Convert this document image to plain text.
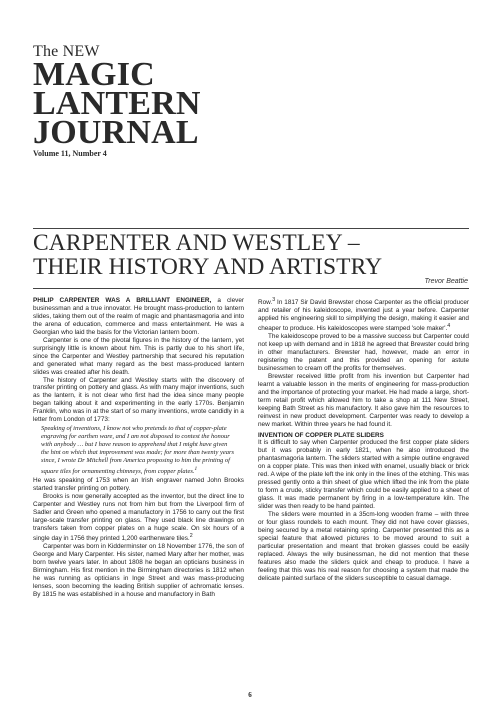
The NEW
MAGIC
LANTERN
JOURNAL
Volume 11, Number 4
CARPENTER AND WESTLEY –
THEIR HISTORY AND ARTISTRY
Trevor Beattie

PHILIP CARPENTER WAS A BRILLIANT ENGINEER, a clever businessman and a true innovator. He brought mass-production to lantern slides, taking them out of the realm of magic and phantasmagoria and into the arena of education, commerce and mass entertainment. He was a Georgian who laid the basis for the Victorian lantern boom.

Carpenter is one of the pivotal figures in the history of the lantern, yet surprisingly little is known about him. This is partly due to his short life, since the Carpenter and Westley partnership that secured his reputation and generated what many regard as the best mass-produced lantern slides was created after his death.

The history of Carpenter and Westley starts with the discovery of transfer printing on pottery and glass. As with many major inventions, such as the lantern, it is not clear who first had the idea since many people began talking about it and experimenting in the early 1770s. Benjamin Franklin, who was in at the start of so many inventions, wrote candidly in a letter from London of 1773:

Speaking of inventions, I know not who pretends to that of copper-plate engraving for earthen ware, and I am not disposed to contest the honour with anybody … but I have reason to apprehend that I might have given the hint on which that improvement was made; for more than twenty years since, I wrote Dr Mitchell from America proposing to him the printing of square tiles for ornamenting chimneys, from copper plates.$^1$

He was speaking of 1753 when an Irish engraver named John Brooks started transfer printing on pottery.

Brooks is now generally accepted as the inventor, but the direct line to Carpenter and Westley runs not from him but from the Liverpool firm of Sadler and Green who opened a manufactory in 1756 to carry out the first large-scale transfer printing on glass. They used black line drawings on transfers taken from copper plates on a huge scale. On six hours of a single day in 1756 they printed 1,200 earthenware tiles.$^2$

Carpenter was born in Kidderminster on 18 November 1776, the son of George and Mary Carpenter. His sister, named Mary after her mother, was born twelve years later. In about 1808 he began an opticians business in Birmingham. His first mention in the Birmingham directories is 1812 when he was running as opticians in Inge Street and was mass-producing lenses, soon becoming the leading British supplier of achromatic lenses. By 1815 he was established in a house and manufactory in Bath

Row.$^3$ In 1817 Sir David Brewster chose Carpenter as the official producer and retailer of his kaleidoscope, invented just a year before. Carpenter applied his engineering skill to simplifying the design, making it easier and cheaper to produce. His kaleidoscopes were stamped 'sole maker'.$^4$

The kaleidoscope proved to be a massive success but Carpenter could not keep up with demand and in 1818 he agreed that Brewster could bring in other manufacturers. Brewster had, however, made an error in registering the patent and this provided an opening for astute businessmen to cream off the profits for themselves.

Brewster received little profit from his invention but Carpenter had learnt a valuable lesson in the merits of engineering for mass-production and the importance of protecting your market. He had made a large, short-term retail profit which allowed him to take a shop at 111 New Street, keeping Bath Street as his manufactory. It also gave him the resources to reinvest in new product development. Carpenter was ready to develop a new market. Within three years he had found it.

INVENTION OF COPPER PLATE SLIDERS

It is difficult to say when Carpenter produced the first copper plate sliders but it was probably in early 1821, when he also introduced the phantasmagoria lantern. The sliders started with a simple outline engraved on a copper plate. This was then inked with enamel, usually black or brick red. A wipe of the plate left the ink only in the lines of the etching. This was pressed gently onto a thin sheet of glue which lifted the ink from the plate to form a crude, sticky transfer which could be easily applied to a sheet of glass. It was made permanent by firing in a low-temperature kiln. The slider was then ready to be hand painted.

The sliders were mounted in a 35cm-long wooden frame – with three or four glass roundels to each mount. They did not have cover glasses, being secured by a metal retaining spring. Carpenter presented this as a special feature that allowed pictures to be moved around to suit a particular presentation and meant that broken glasses could be easily replaced. Always the wily businessman, he did not mention that these features also made the sliders quick and cheap to produce. I have a feeling that this was his real reason for choosing a system that made the delicate painted surface of the sliders susceptible to casual damage.

6
